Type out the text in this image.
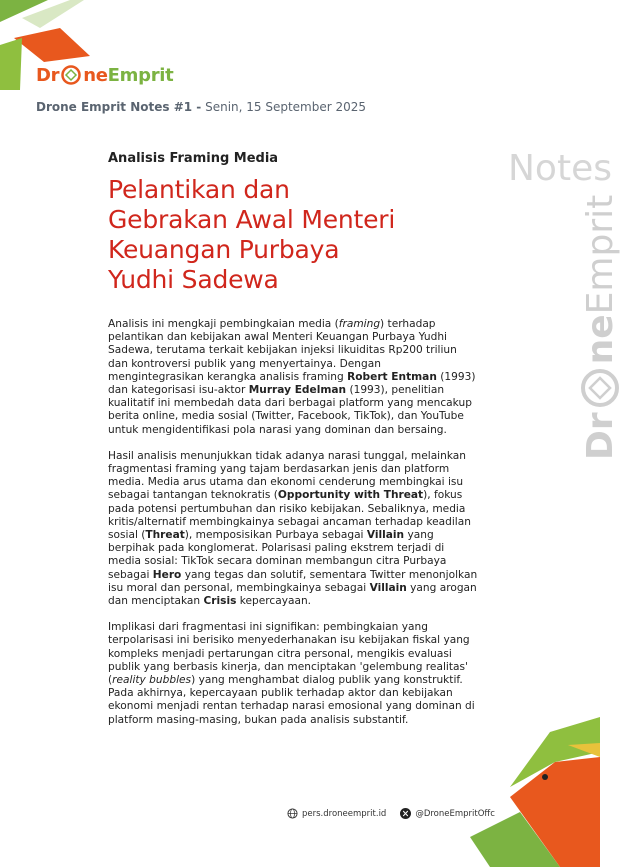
Dr ne Emprit
Drone Emprit Notes #1 - Senin, 15 September 2025
Analisis Framing Media
Pelantikan dan
Gebrakan Awal Menteri
Keuangan Purbaya
Yudhi Sadewa

Analisis ini mengkaji pembingkaian media (framing) terhadap pelantikan dan kebijakan awal Menteri Keuangan Purbaya Yudhi Sadewa, terutama terkait kebijakan injeksi likuiditas Rp200 triliun dan kontroversi publik yang menyertainya. Dengan mengintegrasikan kerangka analisis framing Robert Entman (1993) dan kategorisasi isu-aktor Murray Edelman (1993), penelitian kualitatif ini membedah data dari berbagai platform yang mencakup berita online, media sosial (Twitter, Facebook, TikTok), dan YouTube untuk mengidentifikasi pola narasi yang dominan dan bersaing.

Hasil analisis menunjukkan tidak adanya narasi tunggal, melainkan fragmentasi framing yang tajam berdasarkan jenis dan platform media. Media arus utama dan ekonomi cenderung membingkai isu sebagai tantangan teknokratis (Opportunity with Threat), fokus pada potensi pertumbuhan dan risiko kebijakan. Sebaliknya, media kritis/alternatif membingkainya sebagai ancaman terhadap keadilan sosial (Threat), memposisikan Purbaya sebagai Villain yang berpihak pada konglomerat. Polarisasi paling ekstrem terjadi di media sosial: TikTok secara dominan membangun citra Purbaya sebagai Hero yang tegas dan solutif, sementara Twitter menonjolkan isu moral dan personal, membingkainya sebagai Villain yang arogan dan menciptakan Crisis kepercayaan.

Implikasi dari fragmentasi ini signifikan: pembingkaian yang terpolarisasi ini berisiko menyederhanakan isu kebijakan fiskal yang kompleks menjadi pertarungan citra personal, mengikis evaluasi publik yang berbasis kinerja, dan menciptakan 'gelembung realitas' (reality bubbles) yang menghambat dialog publik yang konstruktif. Pada akhirnya, kepercayaan publik terhadap aktor dan kebijakan ekonomi menjadi rentan terhadap narasi emosional yang dominan di platform masing-masing, bukan pada analisis substantif.

Notes
Dr
ne
Emprit
pers.droneemprit.id	@DroneEmpritOffc
